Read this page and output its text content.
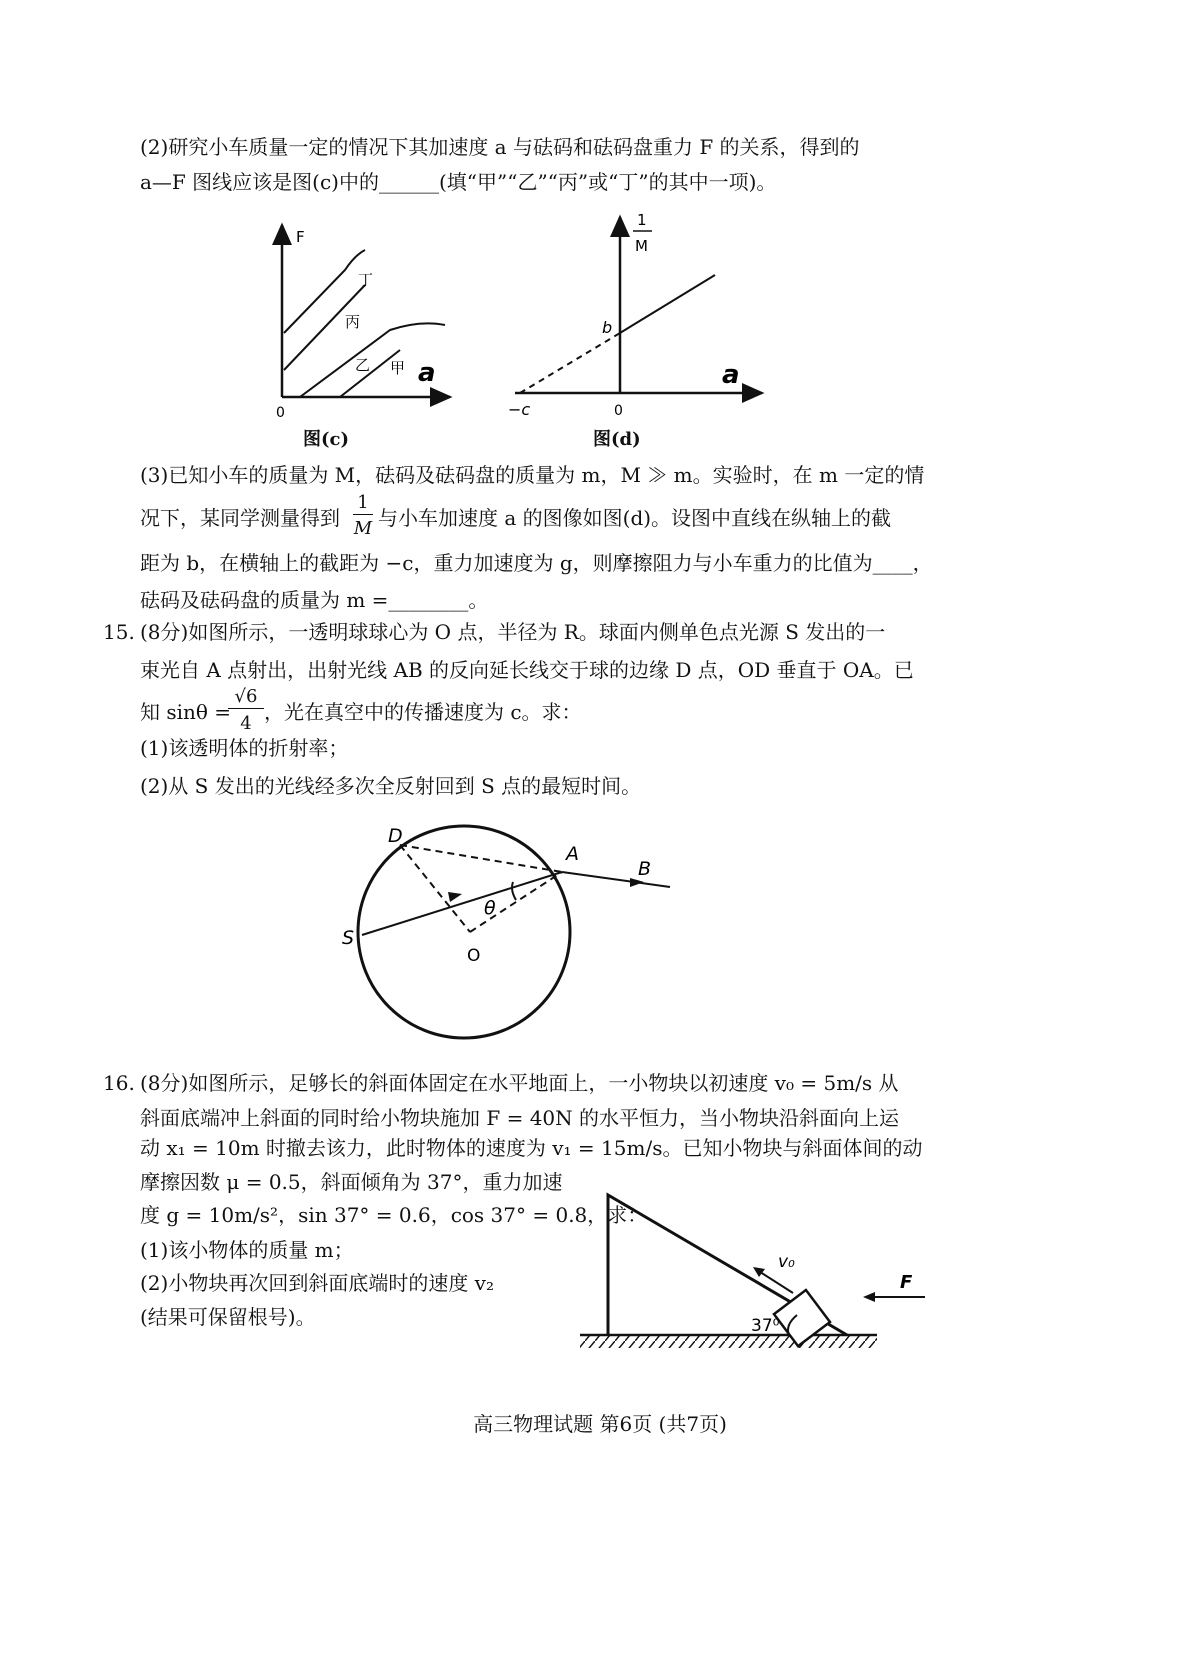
(2)研究小车质量一定的情况下其加速度 a 与砝码和砝码盘重力 F 的关系，得到的
a—F 图线应该是图(c)中的______(填“甲”“乙”“丙”或“丁”的其中一项)。
F
a
0
丁
丙
乙 甲
图(c)
1
M
a
0
b
−c
图(d)
(3)已知小车的质量为 M，砝码及砝码盘的质量为 m，M ≫ m。实验时，在 m 一定的情
况下，某同学测量得到
1
M 与小车加速度 a 的图像如图(d)。设图中直线在纵轴上的截
距为 b，在横轴上的截距为 −c，重力加速度为 g，则摩擦阻力与小车重力的比值为____，
砝码及砝码盘的质量为 m =________。
15. (8分)如图所示，一透明球球心为 O 点，半径为 R。球面内侧单色点光源 S 发出的一
束光自 A 点射出，出射光线 AB 的反向延长线交于球的边缘 D 点，OD 垂直于 OA。已
知 sinθ =
√6
4 ，光在真空中的传播速度为 c。求：
(1)该透明体的折射率；
(2)从 S 发出的光线经多次全反射回到 S 点的最短时间。
D
A
B
S
O
θ
16. (8分)如图所示，足够长的斜面体固定在水平地面上，一小物块以初速度 v₀ = 5m/s 从
斜面底端冲上斜面的同时给小物块施加 F = 40N 的水平恒力，当小物块沿斜面向上运
动 x₁ = 10m 时撤去该力，此时物体的速度为 v₁ = 15m/s。已知小物块与斜面体间的动
摩擦因数 μ = 0.5，斜面倾角为 37°，重力加速
度 g = 10m/s²，sin 37° = 0.6，cos 37° = 0.8，求：
(1)该小物体的质量 m；
(2)小物块再次回到斜面底端时的速度 v₂
(结果可保留根号)。
v₀
F
37⁰
高三物理试题 第6页 (共7页)
